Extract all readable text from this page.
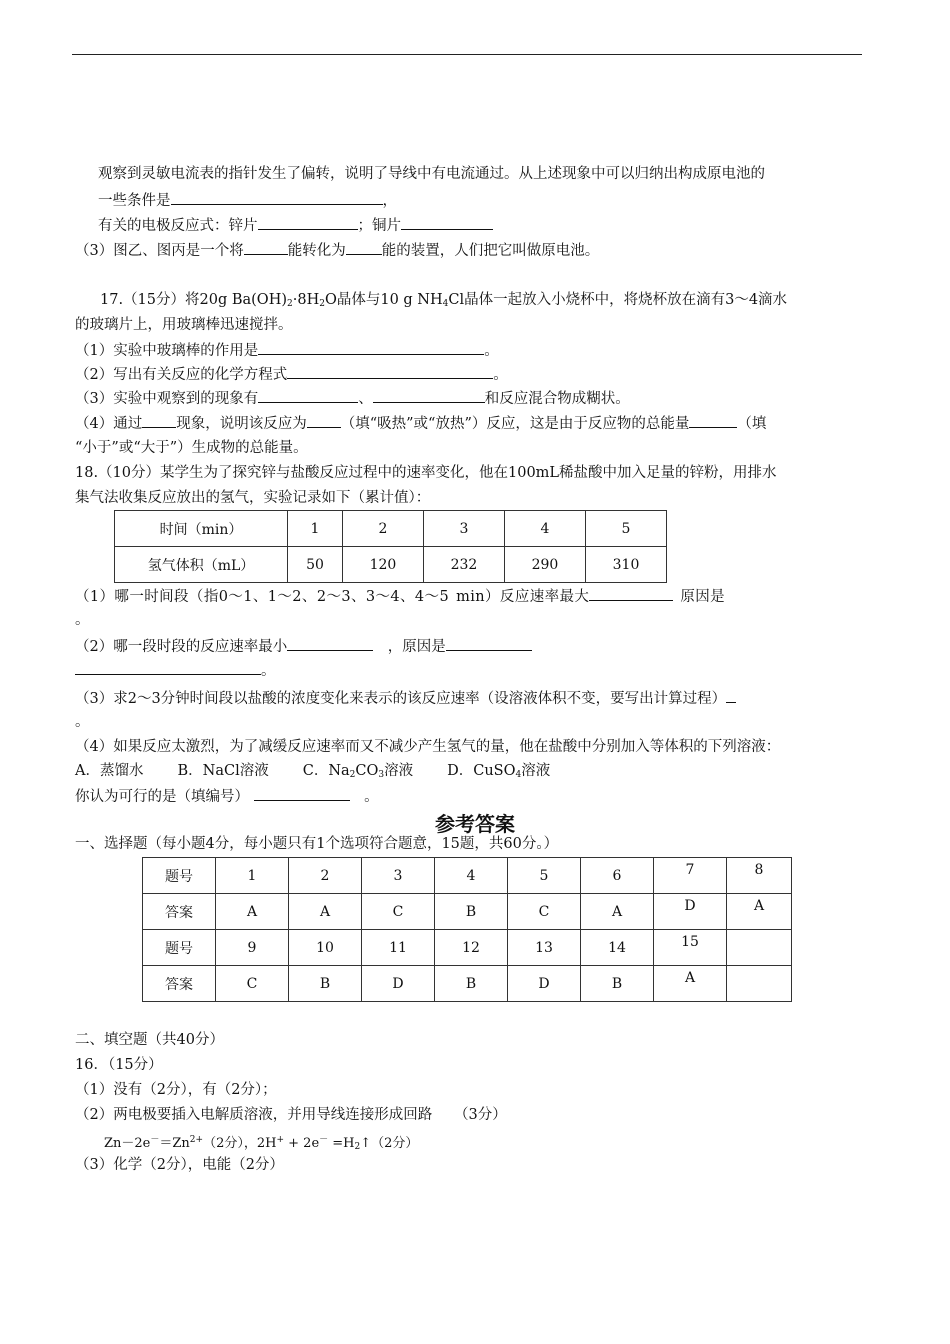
观察到灵敏电流表的指针发生了偏转，说明了导线中有电流通过。从上述现象中可以归纳出构成原电池的
一些条件是	，
有关的电极反应式：锌片	；铜片
（3）图乙、图丙是一个将	能转化为 能的装置，人们把它叫做原电池。
17.（15分）将20g $Ba(OH)_2\cdot 8H_2O$晶体与10 g $NH_4Cl$晶体一起放入小烧杯中，将烧杯放在滴有3～4滴水
的玻璃片上，用玻璃棒迅速搅拌。
（1）实验中玻璃棒的作用是	。
（2）写出有关反应的化学方程式	。
（3）实验中观察到的现象有	、	和反应混合物成糊状。
（4）通过 现象，说明该反应为 （填“吸热”或“放热”）反应，这是由于反应物的总能量	（填
“小于”或“大于”）生成物的总能量。
18.（10分）某学生为了探究锌与盐酸反应过程中的速率变化，他在100mL稀盐酸中加入足量的锌粉，用排水
集气法收集反应放出的氢气，实验记录如下（累计值）：
时间（min）	1	2	3	4	5
氢气体积（mL）	50	120	232	290	310
（1）哪一时间段（指0～1、1～2、2～3、3～4、4～5 min）反应速率最大	原因是
。
（2）哪一段时段的反应速率最小　	，原因是
。
（3）求2～3分钟时间段以盐酸的浓度变化来表示的该反应速率（设溶液体积不变，要写出计算过程）
。
（4）如果反应太激烈，为了减缓反应速率而又不减少产生氢气的量，他在盐酸中分别加入等体积的下列溶液：
A．蒸馏水 B．NaCl溶液 C．$Na_2CO_3$溶液 D．CuSO$_4$溶液
你认为可行的是（填编号） 　	。
参考答案
一、选择题（每小题4分，每小题只有1个选项符合题意，15题，共60分。）
题号	1	2	3	4	5	6	7	8
答案	A	A	C	B	C	A	D	A
题号	9	10	11	12	13	14	15	
答案	C	B	D	B	D	B	A	
二、填空题（共40分）
16．（15分）
（1）没有（2分），有（2分）；
（2）两电极要插入电解质溶液，并用导线连接形成回路　　（3分）
$Zn-2e^-=Zn^{2+}(2$分），$2H^+ + 2e^- =H_2↑(2$分）
（3）化学（2分），电能（2分）
